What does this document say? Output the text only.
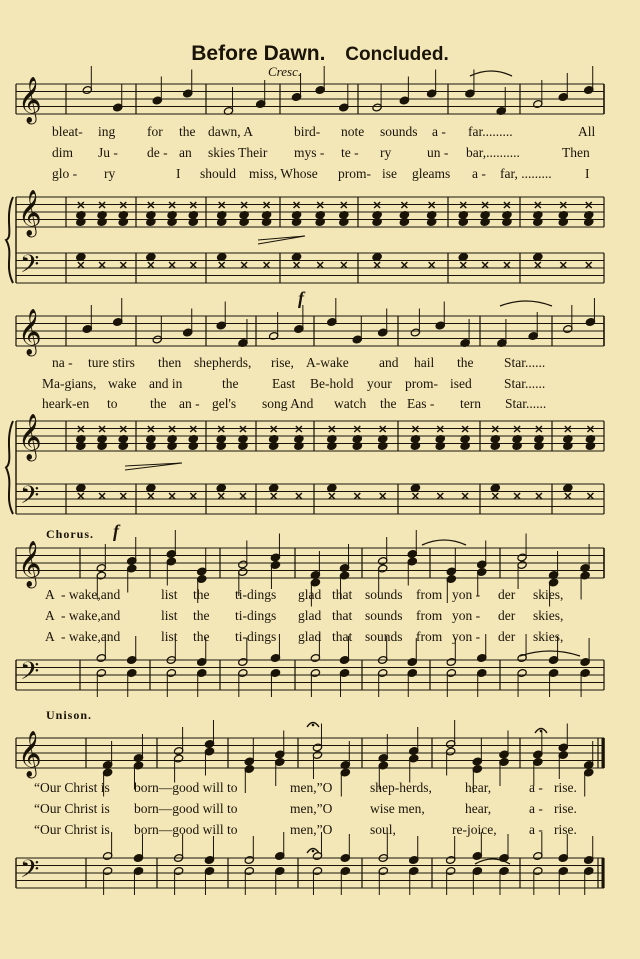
Before Dawn. Concluded.
Cresc.
f
Chorus. f
Unison.
bleat- ing for the dawn, A	bird- note sounds a - far.........	All
dim Ju - de - an skies Their mys - te - ry	un - bar,..........	Then
glo - ry	I should miss, Whose prom- ise gleams a - far, ......... I
na - ture stirs then shepherds, rise, A-wake and hail the Star......
Ma-gians, wake and in	the East Be-hold your prom- ised Star......
heark-en to the an - gel's song And watch the Eas - tern Star......
A - wake,and	list the ti-dings glad that sounds from yon - der skies,
A - wake,and	list the ti-dings glad that sounds from yon - der skies,
A - wake,and	list the ti-dings glad that sounds from yon - der skies,
“Our Christ is born—good will to	men,”O	shep-herds, hear,	a - rise.
“Our Christ is born—good will to	men,”O	wise men,	hear,	a - rise.
“Our Christ is born—good will to	men,”O	soul,	re-joice, a - rise.
𝄞
𝄞
𝄢
𝄞
𝄞
𝄢
𝄞
𝄢
𝄞
𝄢
